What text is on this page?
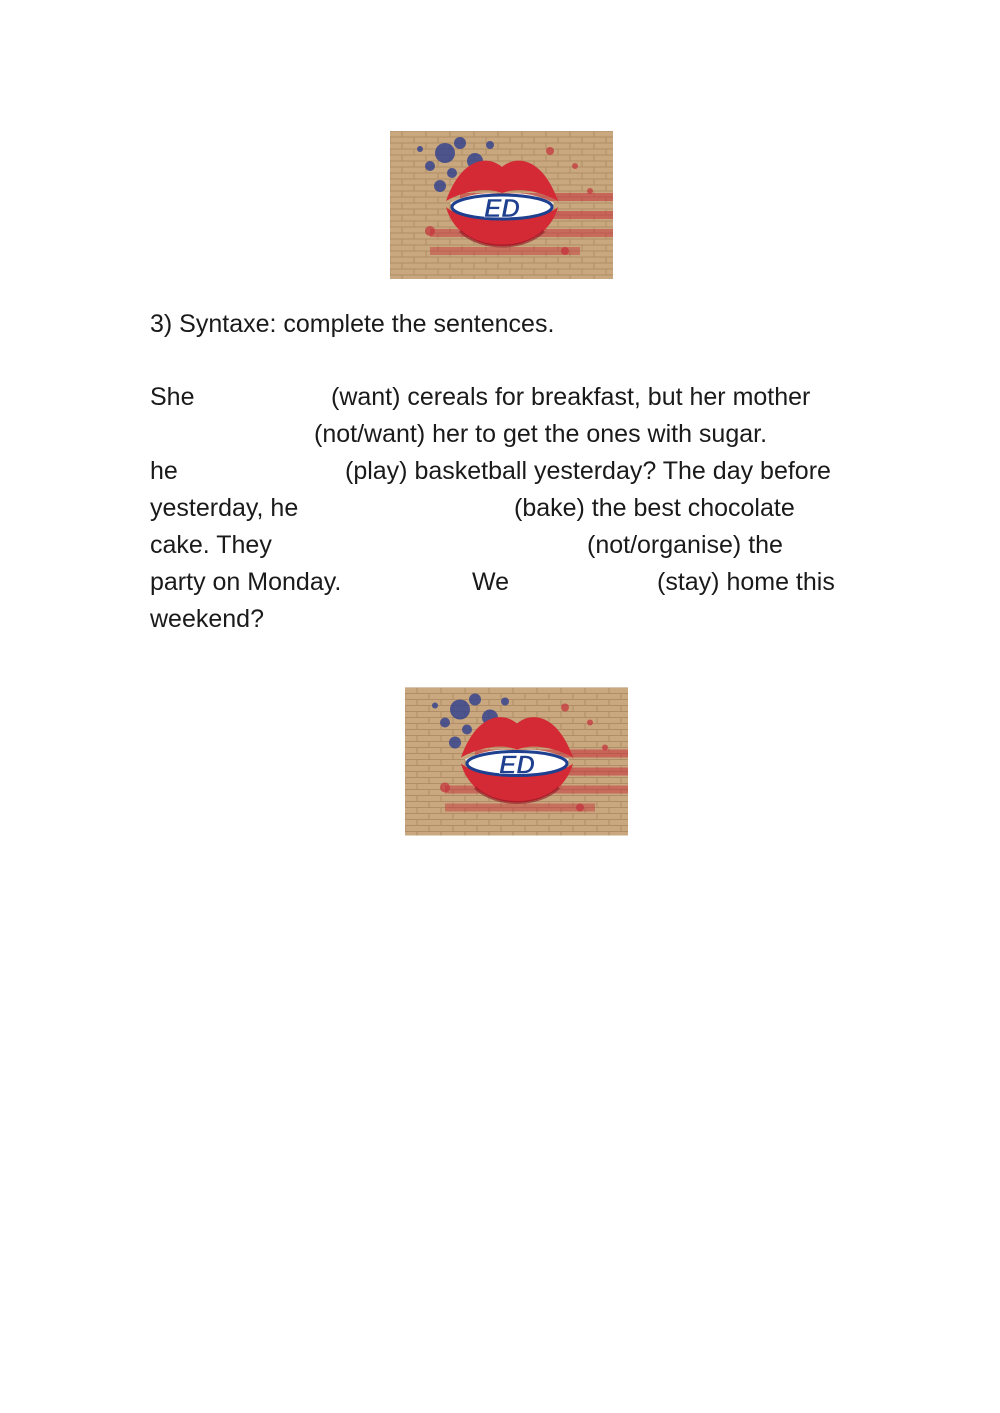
ED
3) Syntaxe: complete the sentences.
She	(want) cereals for breakfast, but her mother
(not/want) her to get the ones with sugar.
he	(play) basketball yesterday? The day before
yesterday, he	(bake) the best chocolate
cake. They	(not/organise) the
party on Monday.	We	(stay) home this
weekend?
ED
